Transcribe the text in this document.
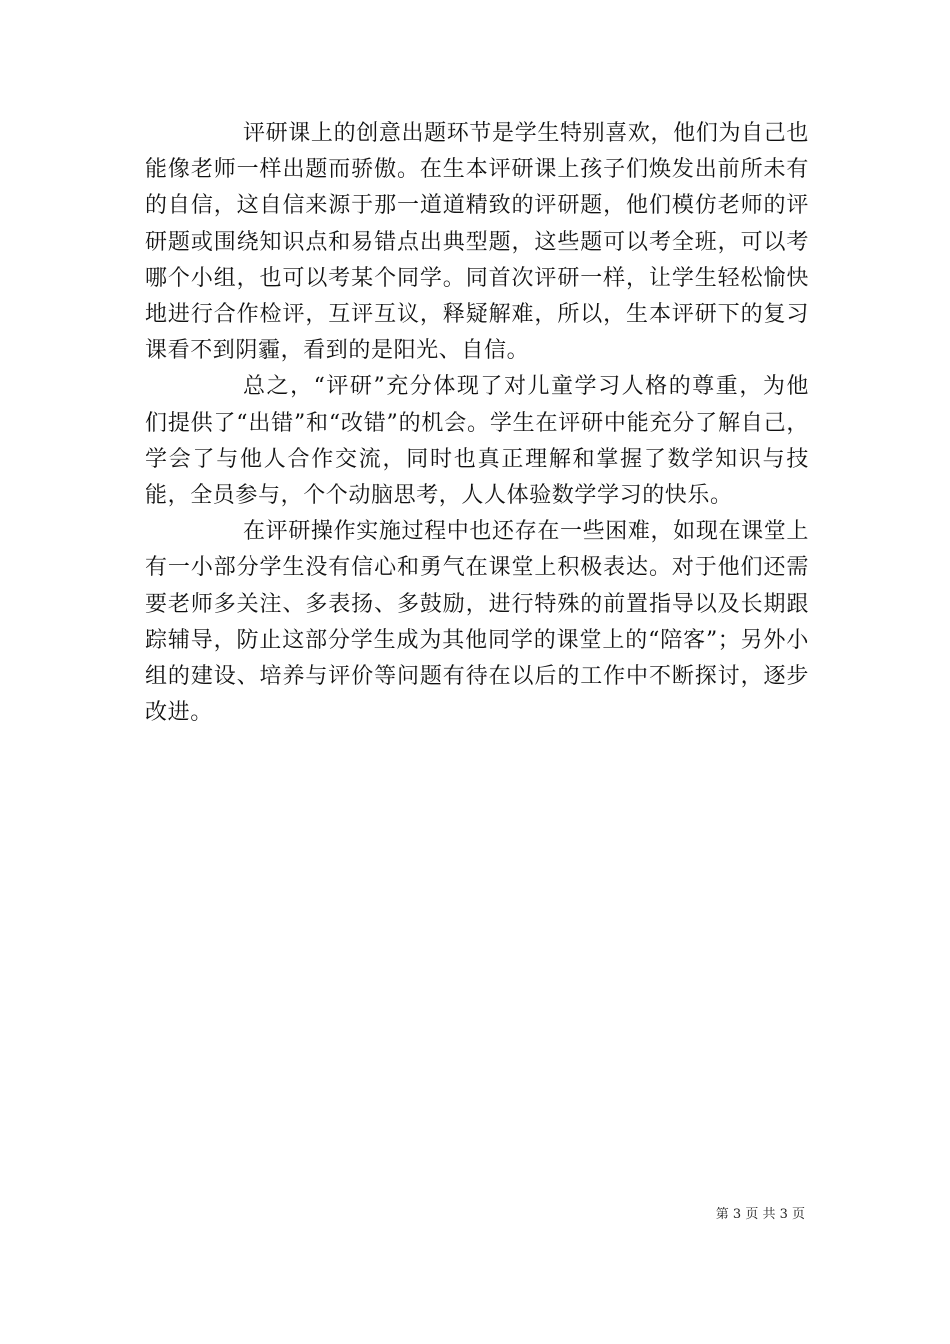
评研课上的创意出题环节是学生特别喜欢，他们为自己也能像老师一样出题而骄傲。在生本评研课上孩子们焕发出前所未有的自信，这自信来源于那一道道精致的评研题，他们模仿老师的评研题或围绕知识点和易错点出典型题，这些题可以考全班，可以考哪个小组，也可以考某个同学。同首次评研一样，让学生轻松愉快地进行合作检评，互评互议，释疑解难，所以，生本评研下的复习课看不到阴霾，看到的是阳光、自信。

总之，“评研”充分体现了对儿童学习人格的尊重，为他们提供了“出错”和“改错”的机会。学生在评研中能充分了解自己，学会了与他人合作交流，同时也真正理解和掌握了数学知识与技能，全员参与，个个动脑思考，人人体验数学学习的快乐。

在评研操作实施过程中也还存在一些困难，如现在课堂上有一小部分学生没有信心和勇气在课堂上积极表达。对于他们还需要老师多关注、多表扬、多鼓励，进行特殊的前置指导以及长期跟踪辅导，防止这部分学生成为其他同学的课堂上的“陪客”；另外小组的建设、培养与评价等问题有待在以后的工作中不断探讨，逐步改进。

第 3 页 共 3 页
